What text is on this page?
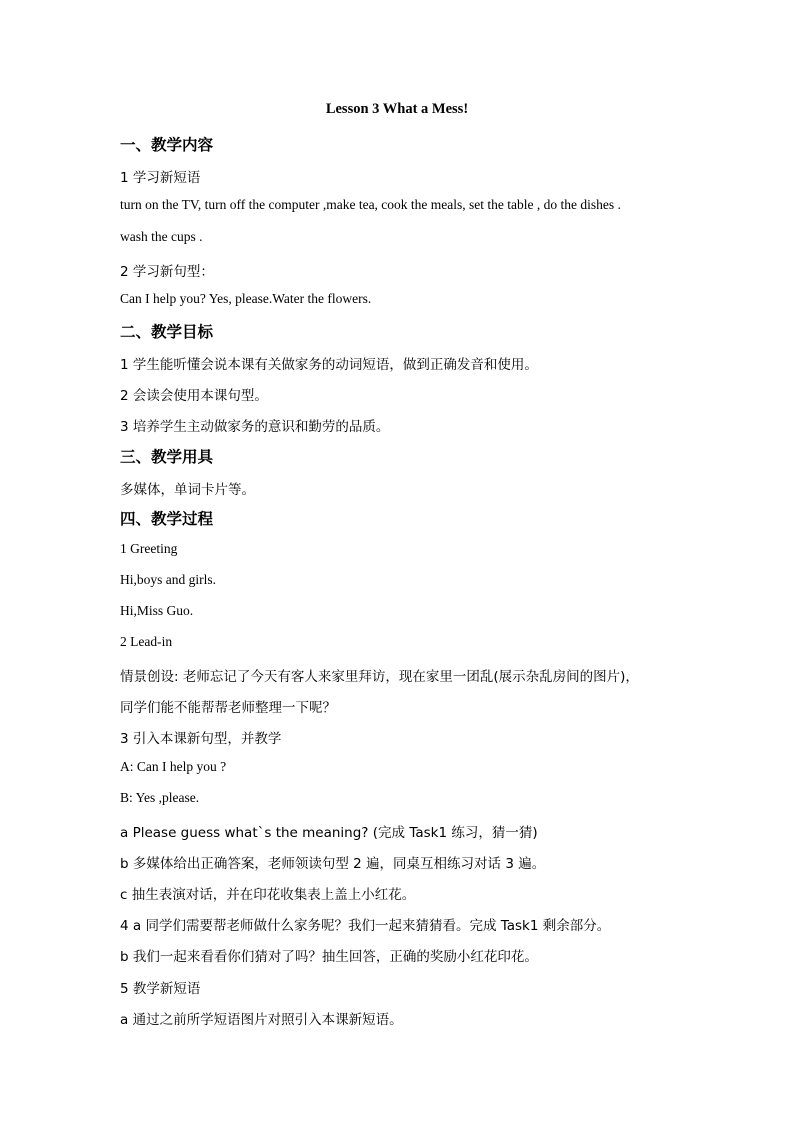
Lesson 3 What a Mess!
一、教学内容
1 学习新短语
turn on the TV, turn off the computer ,make tea, cook the meals, set the table , do the dishes .
wash the cups .
2 学习新句型：
Can I help you? Yes, please.Water the flowers.
二、教学目标
1 学生能听懂会说本课有关做家务的动词短语，做到正确发音和使用。
2 会读会使用本课句型。
3 培养学生主动做家务的意识和勤劳的品质。
三、教学用具
多媒体，单词卡片等。
四、教学过程
1 Greeting
Hi,boys and girls.
Hi,Miss Guo.
2 Lead-in
情景创设: 老师忘记了今天有客人来家里拜访，现在家里一团乱(展示杂乱房间的图片)，
同学们能不能帮帮老师整理一下呢？
3 引入本课新句型，并教学
A: Can I help you ?
B: Yes ,please.
a Please guess what`s the meaning? (完成 Task1 练习，猜一猜)
b 多媒体给出正确答案，老师领读句型 2 遍，同桌互相练习对话 3 遍。
c 抽生表演对话，并在印花收集表上盖上小红花。
4 a 同学们需要帮老师做什么家务呢？我们一起来猜猜看。完成 Task1 剩余部分。
b 我们一起来看看你们猜对了吗？抽生回答，正确的奖励小红花印花。
5 教学新短语
a 通过之前所学短语图片对照引入本课新短语。
